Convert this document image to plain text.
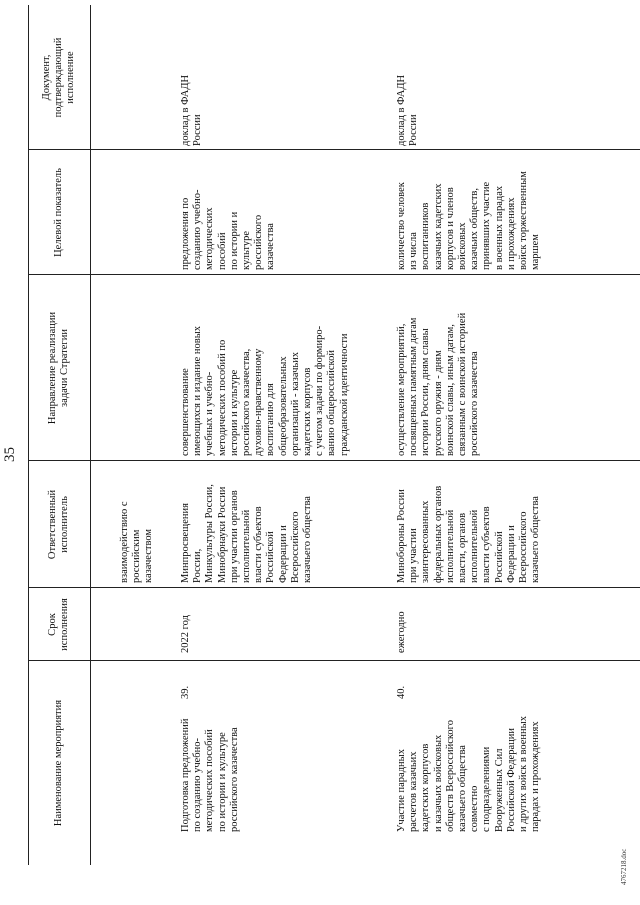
35
Наименование мероприятия
Срок
исполнения
Ответственный
исполнитель
Направление реализации
задачи Стратегии
Целевой показатель
Документ,
подтверждающий
исполнение
взаимодействию с
российским
казачеством
39.
Подготовка предложений
по созданию учебно-
методических пособий
по истории и культуре
российского казачества
2022 год
Минпросвещения
России,
Минкультуры России,
Минобрнауки России
при участии органов
исполнительной
власти субъектов
Российской
Федерации и
Всероссийского
казачьего общества
совершенствование
имеющихся и издание новых
учебных и учебно-
методических пособий по
истории и культуре
российского казачества,
духовно-нравственному
воспитанию для
общеобразовательных
организаций - казачьих
кадетских корпусов
с учетом задачи по формиро-
ванию общероссийской
гражданской идентичности
предложения по
созданию учебно-
методических
пособий
по истории и
культуре
российского
казачества
доклад в ФАДН
России
40.
Участие парадных
расчетов казачьих
кадетских корпусов
и казачьих войсковых
обществ Всероссийского
казачьего общества
совместно
с подразделениями
Вооруженных Сил
Российской Федерации
и других войск в военных
парадах и прохождениях
ежегодно
Минобороны России
при участии
заинтересованных
федеральных органов
исполнительной
власти, органов
исполнительной
власти субъектов
Российской
Федерации и
Всероссийского
казачьего общества
осуществление мероприятий,
посвященных памятным датам
истории России, дням славы
русского оружия - дням
воинской славы, иным датам,
связанным с воинской историей
российского казачества
количество человек
из числа
воспитанников
казачьих кадетских
корпусов и членов
войсковых
казачьих обществ,
принявших участие
в военных парадах
и прохождениях
войск торжественным
маршем
доклад в ФАДН
России
4767218.doc
